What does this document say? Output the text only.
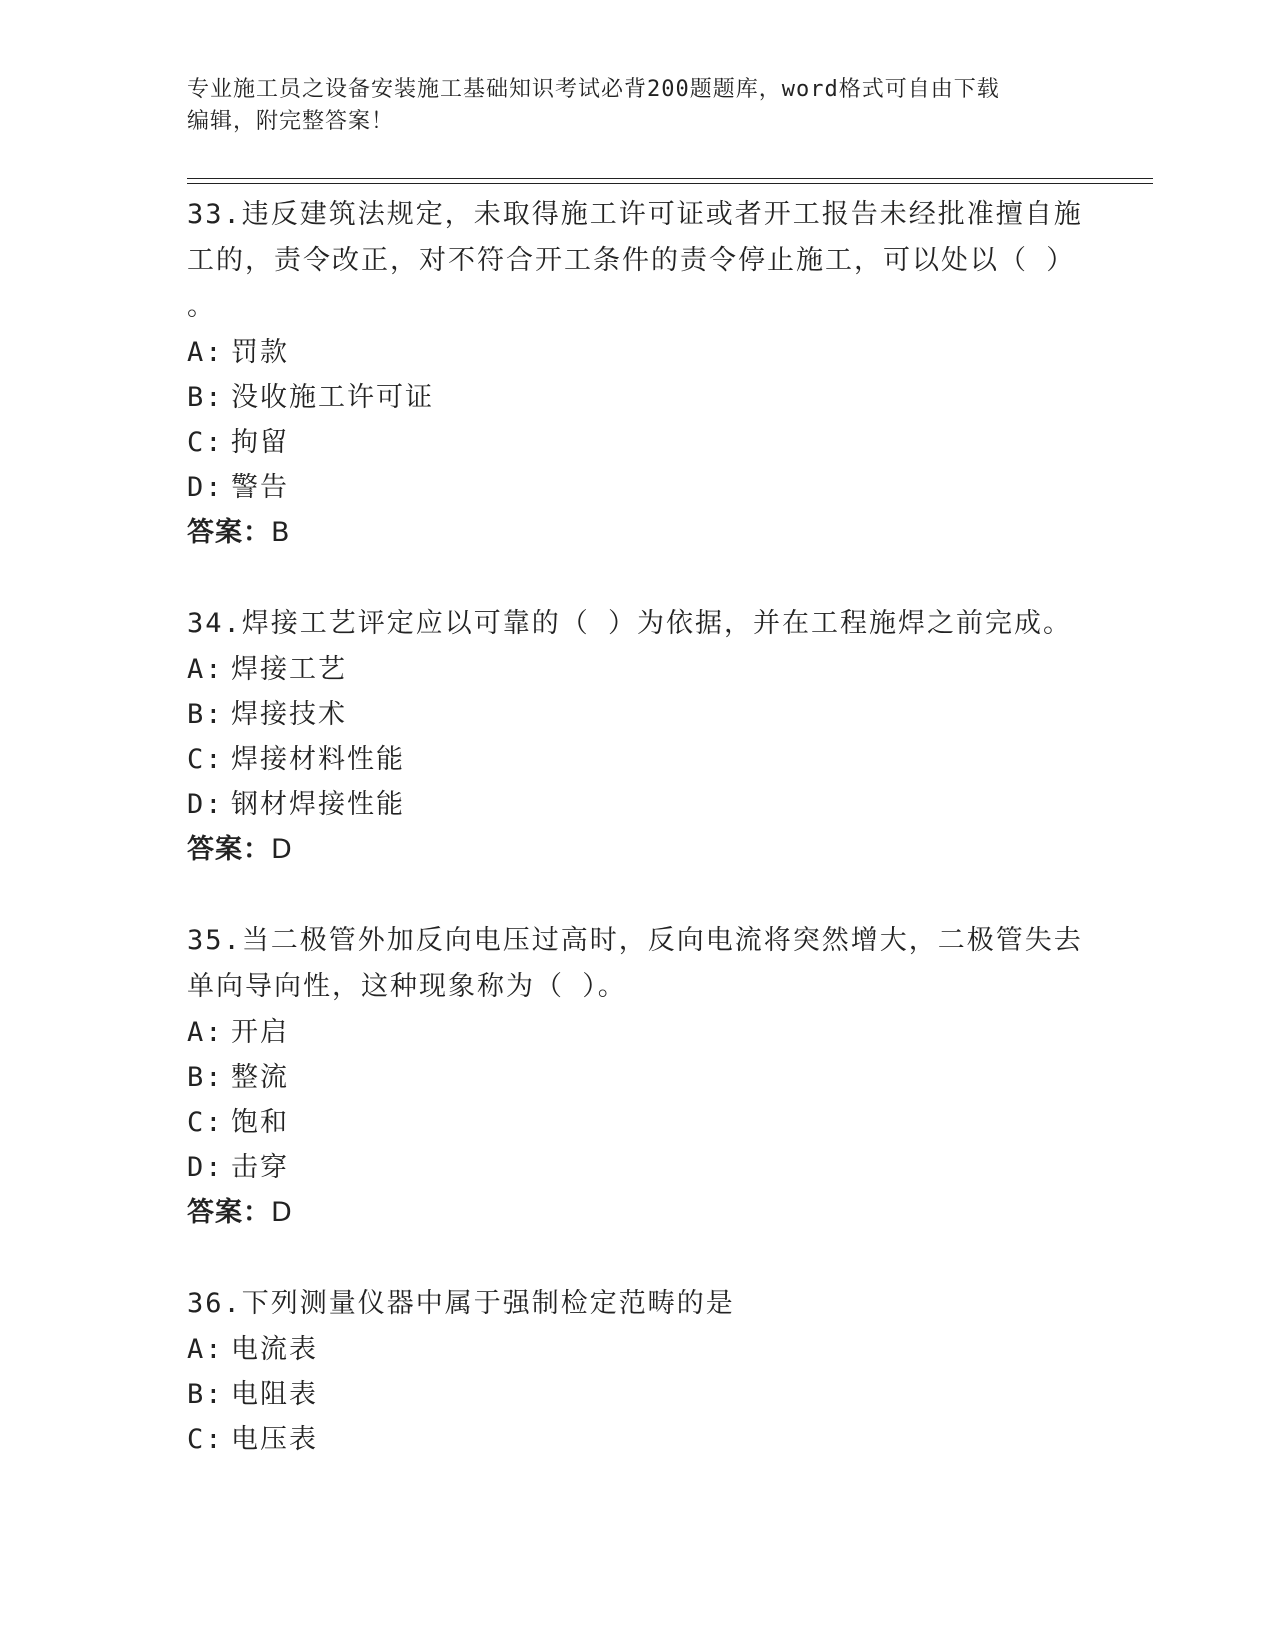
专业施工员之设备安装施工基础知识考试必背200题题库，word格式可自由下载
编辑，附完整答案！

33.违反建筑法规定，未取得施工许可证或者开工报告未经批准擅自施

工的，责令改正，对不符合开工条件的责令停止施工，可以处以（ ）

。

A: 罚款

B: 没收施工许可证

C: 拘留

D: 警告

答案：B

34.焊接工艺评定应以可靠的（ ）为依据，并在工程施焊之前完成。

A: 焊接工艺

B: 焊接技术

C: 焊接材料性能

D: 钢材焊接性能

答案：D

35.当二极管外加反向电压过高时，反向电流将突然增大，二极管失去

单向导向性，这种现象称为（ ）。

A: 开启

B: 整流

C: 饱和

D: 击穿

答案：D

36.下列测量仪器中属于强制检定范畴的是

A: 电流表

B: 电阻表

C: 电压表
